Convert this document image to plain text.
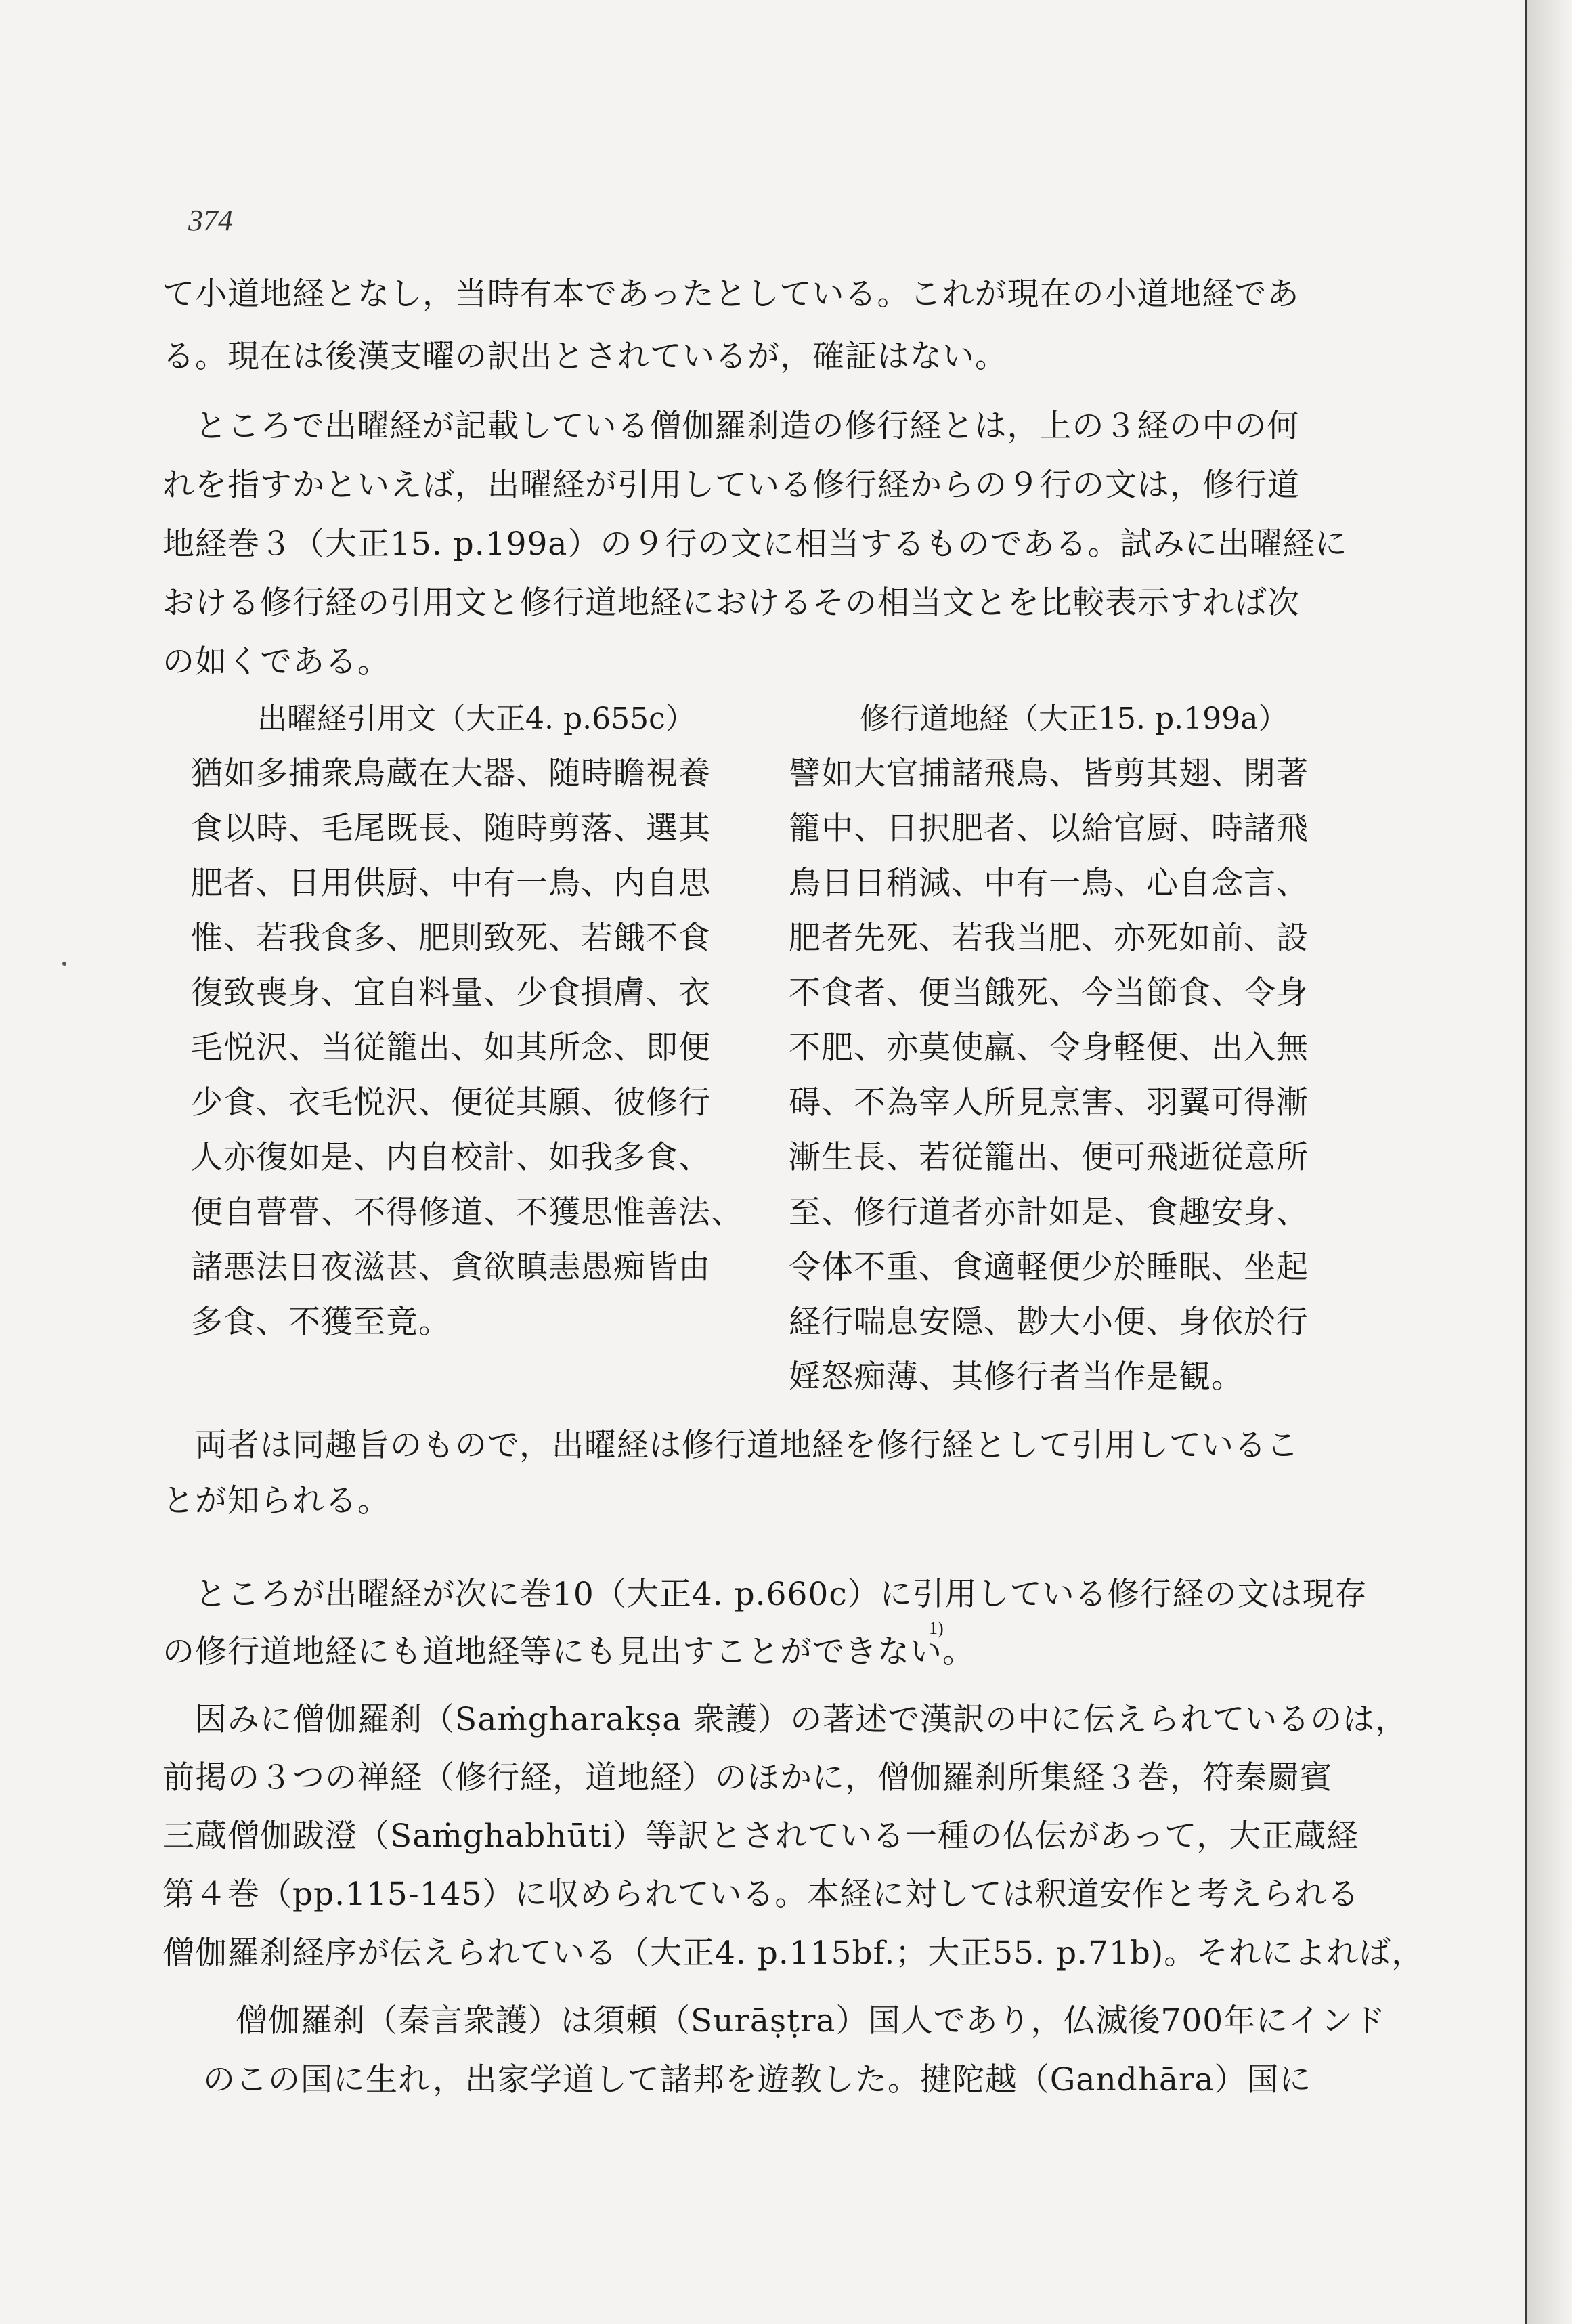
374
て小道地経となし，当時有本であったとしている。これが現在の小道地経であ
る。現在は後漢支曜の訳出とされているが，確証はない。
　ところで出曜経が記載している僧伽羅刹造の修行経とは，上の３経の中の何
れを指すかといえば，出曜経が引用している修行経からの９行の文は，修行道
地経巻３（大正15. p.199a）の９行の文に相当するものである。試みに出曜経に
おける修行経の引用文と修行道地経におけるその相当文とを比較表示すれば次
の如くである。
出曜経引用文（大正4. p.655c）	修行道地経（大正15. p.199a）
猶如多捕衆鳥蔵在大器、随時瞻視養
食以時、毛尾既長、随時剪落、選其
肥者、日用供厨、中有一鳥、内自思
惟、若我食多、肥則致死、若餓不食
復致喪身、宜自料量、少食損膚、衣
毛悦沢、当従籠出、如其所念、即便
少食、衣毛悦沢、便従其願、彼修行
人亦復如是、内自校計、如我多食、
便自瞢瞢、不得修道、不獲思惟善法、
諸悪法日夜滋甚、貪欲瞋恚愚痴皆由
多食、不獲至竟。
譬如大官捕諸飛鳥、皆剪其翅、閉著
籠中、日択肥者、以給官厨、時諸飛
鳥日日稍減、中有一鳥、心自念言、
肥者先死、若我当肥、亦死如前、設
不食者、便当餓死、今当節食、令身
不肥、亦莫使羸、令身軽便、出入無
碍、不為宰人所見烹害、羽翼可得漸
漸生長、若従籠出、便可飛逝従意所
至、修行道者亦計如是、食趣安身、
令体不重、食適軽便少於睡眠、坐起
経行喘息安隠、尠大小便、身依於行
婬怒痴薄、其修行者当作是観。
　両者は同趣旨のもので，出曜経は修行道地経を修行経として引用しているこ
とが知られる。
　ところが出曜経が次に巻10（大正4. p.660c）に引用している修行経の文は現存
1)
の修行道地経にも道地経等にも見出すことができない。
　因みに僧伽羅刹（Saṁgharakṣa 衆護）の著述で漢訳の中に伝えられているのは，
前掲の３つの禅経（修行経，道地経）のほかに，僧伽羅刹所集経３巻，符秦罽賓
三蔵僧伽跋澄（Saṁghabhūti）等訳とされている一種の仏伝があって，大正蔵経
第４巻（pp.115-145）に収められている。本経に対しては釈道安作と考えられる
僧伽羅刹経序が伝えられている（大正4. p.115bf.；大正55. p.71b)。それによれば，
　僧伽羅刹（秦言衆護）は須頼（Surāṣṭra）国人であり，仏滅後700年にインド
のこの国に生れ，出家学道して諸邦を遊教した。揵陀越（Gandhāra）国に
